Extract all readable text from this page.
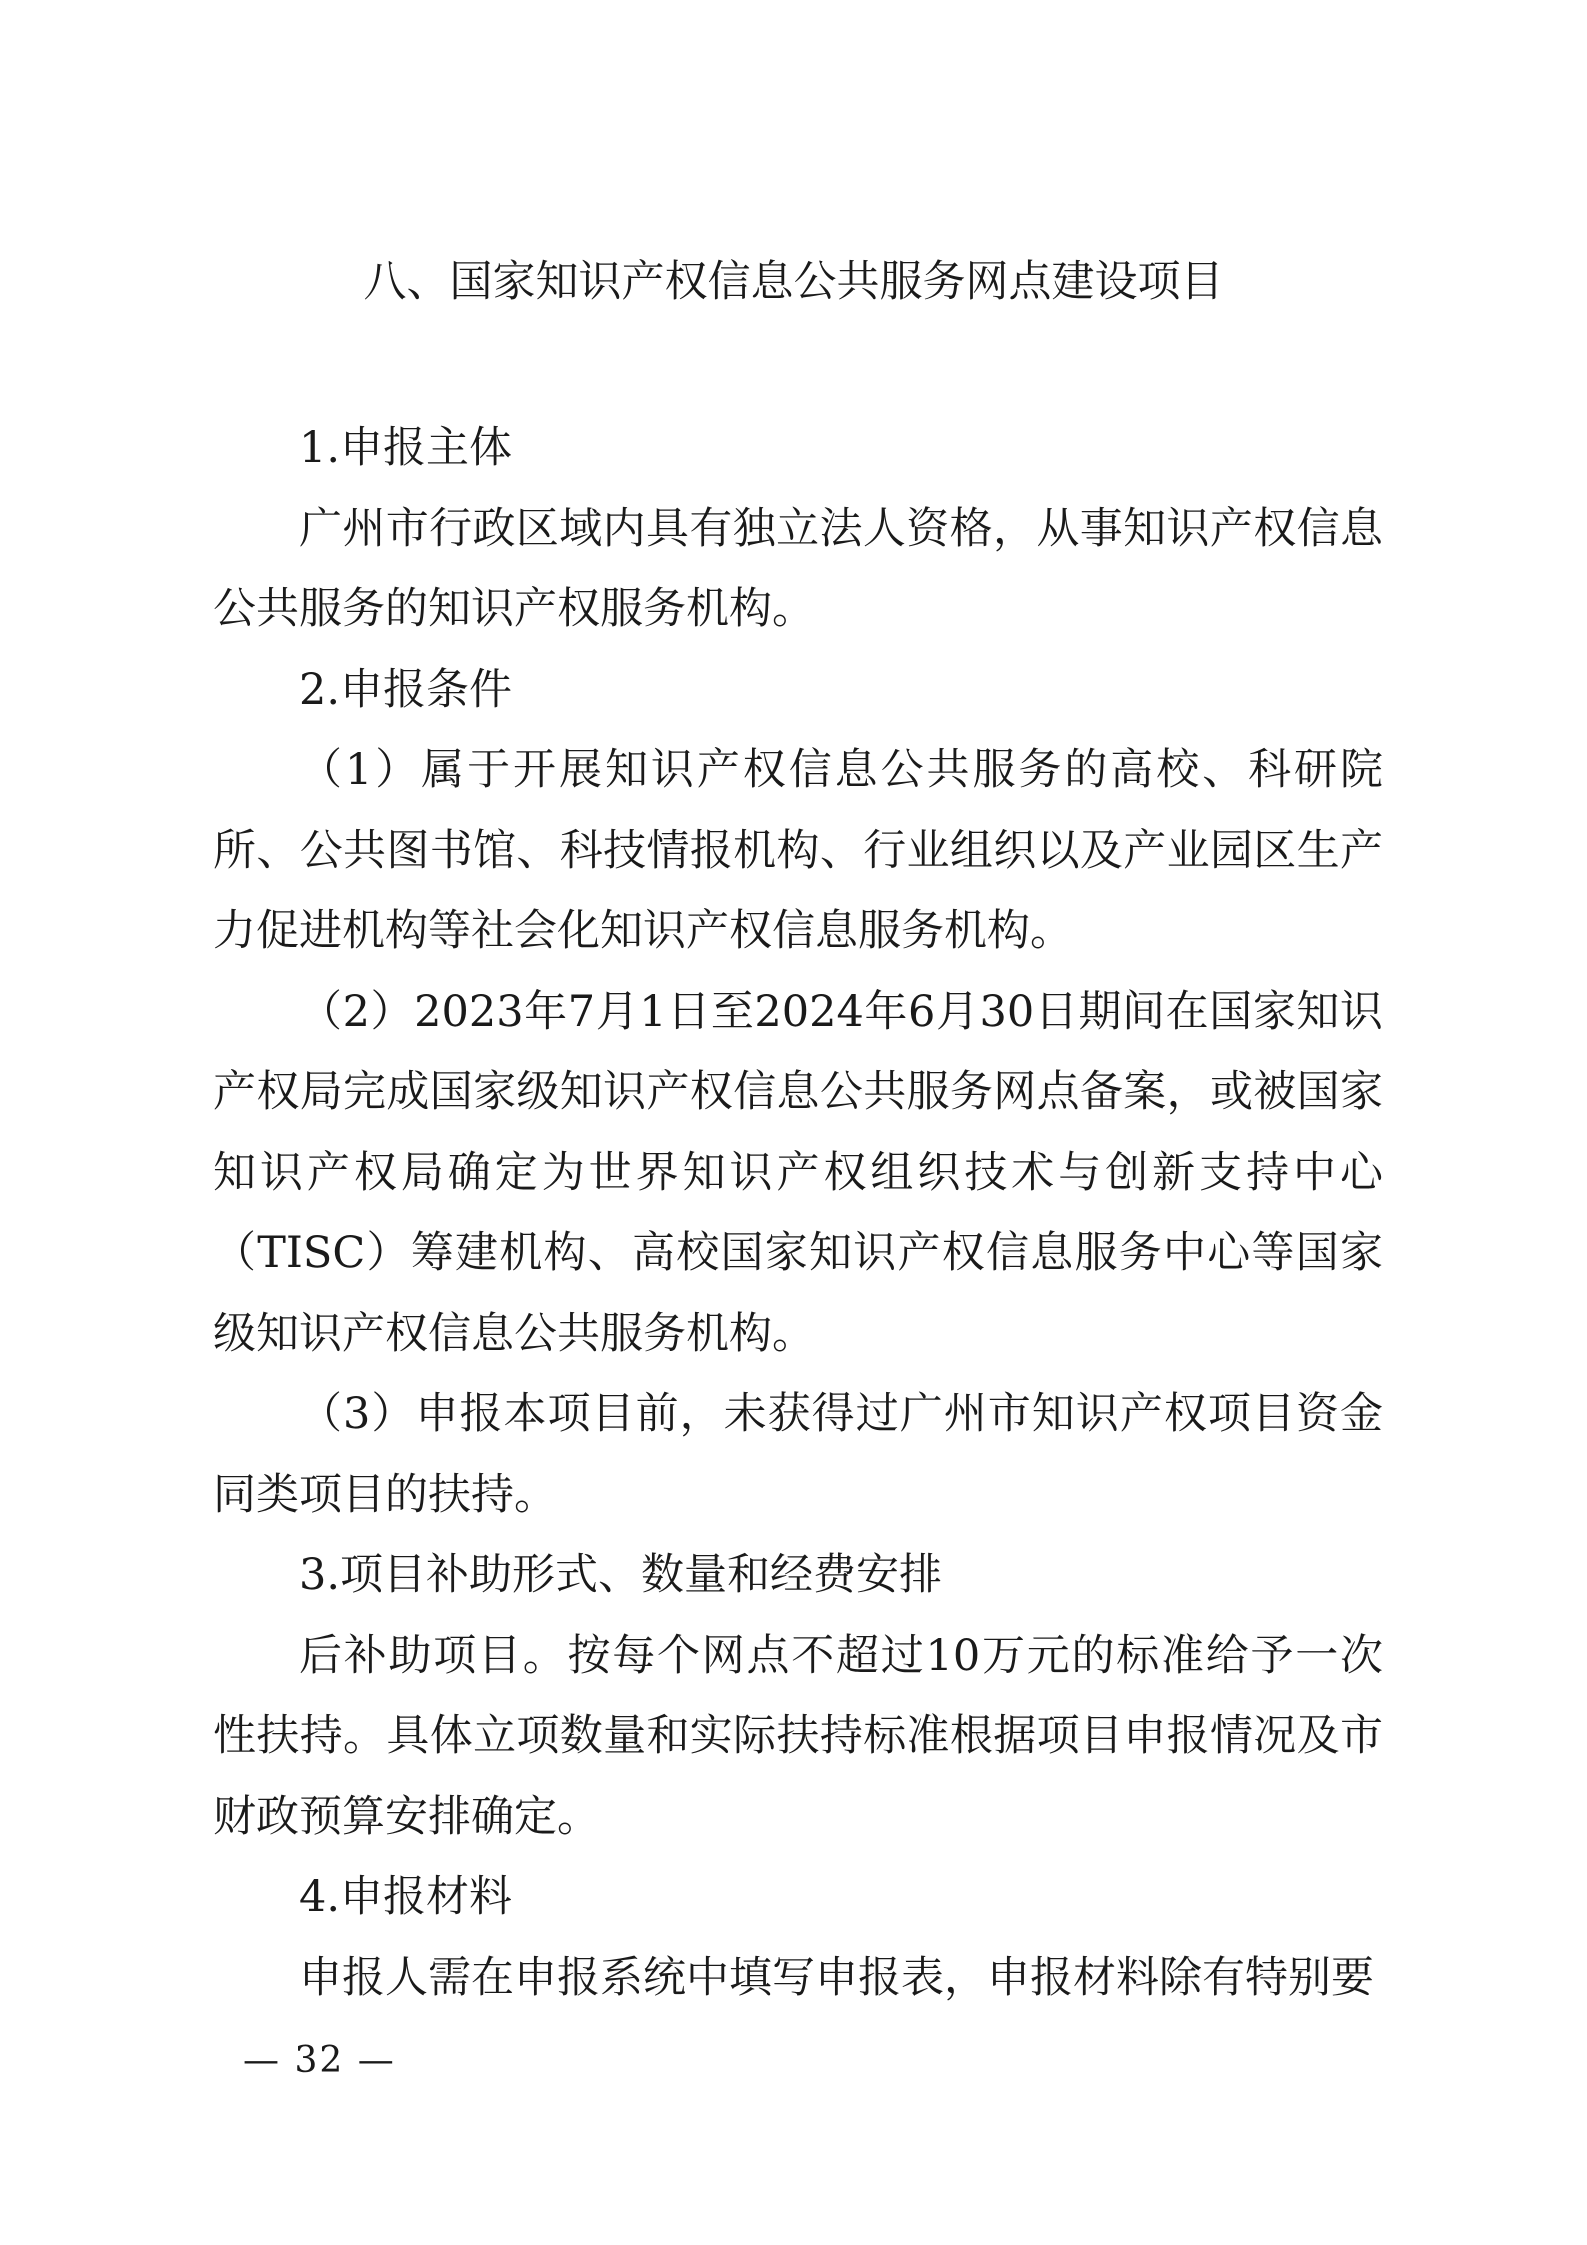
八、国家知识产权信息公共服务网点建设项目

1.申报主体

广州市行政区域内具有独立法人资格，从事知识产权信息公共服务的知识产权服务机构。

2.申报条件

（1）属于开展知识产权信息公共服务的高校、科研院所、公共图书馆、科技情报机构、行业组织以及产业园区生产力促进机构等社会化知识产权信息服务机构。

（2）2023年7月1日至2024年6月30日期间在国家知识产权局完成国家级知识产权信息公共服务网点备案，或被国家知识产权局确定为世界知识产权组织技术与创新支持中心（TISC）筹建机构、高校国家知识产权信息服务中心等国家级知识产权信息公共服务机构。

（3）申报本项目前，未获得过广州市知识产权项目资金同类项目的扶持。

3.项目补助形式、数量和经费安排

后补助项目。按每个网点不超过10万元的标准给予一次性扶持。具体立项数量和实际扶持标准根据项目申报情况及市财政预算安排确定。

4.申报材料

申报人需在申报系统中填写申报表，申报材料除有特别要

— 32 —
